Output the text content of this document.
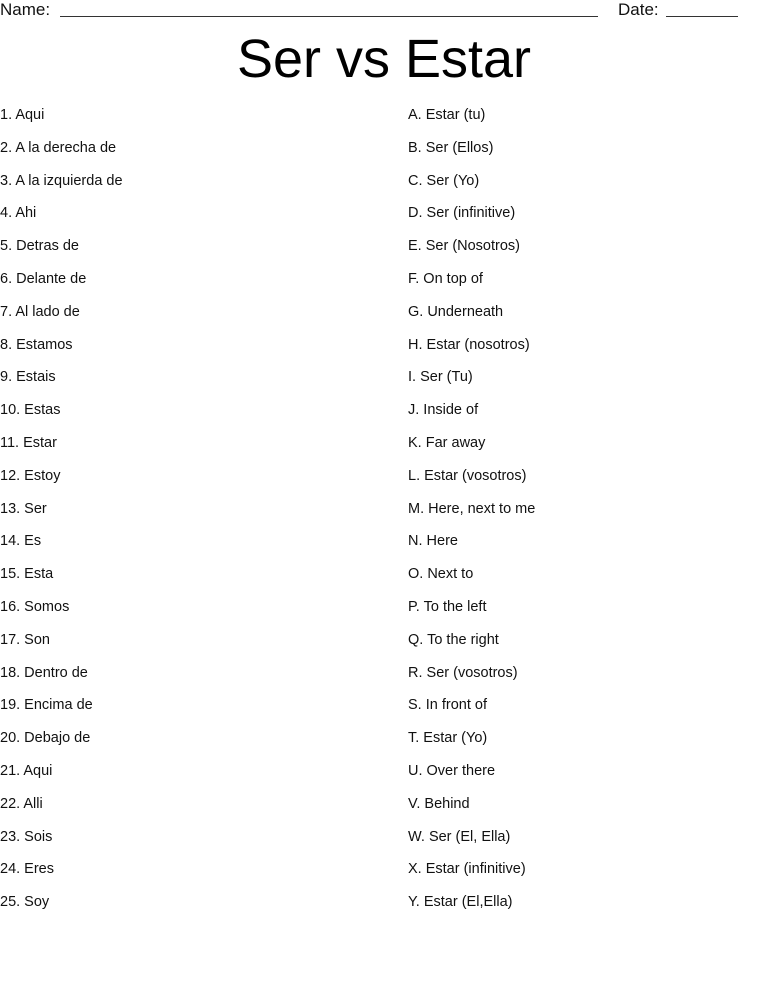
Name:	Date:
Ser vs Estar
1. Aqui
2. A la derecha de
3. A la izquierda de
4. Ahi
5. Detras de
6. Delante de
7. Al lado de
8. Estamos
9. Estais
10. Estas
11. Estar
12. Estoy
13. Ser
14. Es
15. Esta
16. Somos
17. Son
18. Dentro de
19. Encima de
20. Debajo de
21. Aqui
22. Alli
23. Sois
24. Eres
25. Soy
A. Estar (tu)
B. Ser (Ellos)
C. Ser (Yo)
D. Ser (infinitive)
E. Ser (Nosotros)
F. On top of
G. Underneath
H. Estar (nosotros)
I. Ser (Tu)
J. Inside of
K. Far away
L. Estar (vosotros)
M. Here, next to me
N. Here
O. Next to
P. To the left
Q. To the right
R. Ser (vosotros)
S. In front of
T. Estar (Yo)
U. Over there
V. Behind
W. Ser (El, Ella)
X. Estar (infinitive)
Y. Estar (El,Ella)
